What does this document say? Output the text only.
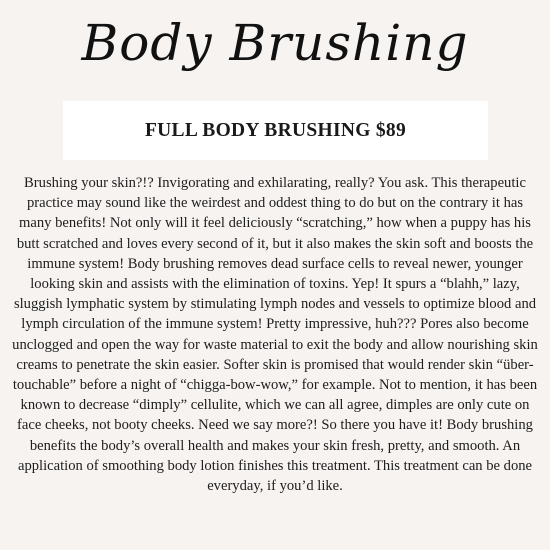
Body Brushing
FULL BODY BRUSHING $89

Brushing your skin?!? Invigorating and exhilarating, really? You ask. This therapeutic practice may sound like the weirdest and oddest thing to do but on the contrary it has many benefits! Not only will it feel deliciously “scratching,” how when a puppy has his butt scratched and loves every second of it, but it also makes the skin soft and boosts the immune system! Body brushing removes dead surface cells to reveal newer, younger looking skin and assists with the elimination of toxins. Yep! It spurs a “blahh,” lazy, sluggish lymphatic system by stimulating lymph nodes and vessels to optimize blood and lymph circulation of the immune system! Pretty impressive, huh??? Pores also become unclogged and open the way for waste material to exit the body and allow nourishing skin creams to penetrate the skin easier. Softer skin is promised that would render skin “über-touchable” before a night of “chigga-bow-wow,” for example. Not to mention, it has been known to decrease “dimply” cellulite, which we can all agree, dimples are only cute on face cheeks, not booty cheeks. Need we say more?! So there you have it! Body brushing benefits the body’s overall health and makes your skin fresh, pretty, and smooth. An application of smoothing body lotion finishes this treatment. This treatment can be done everyday, if you’d like.
